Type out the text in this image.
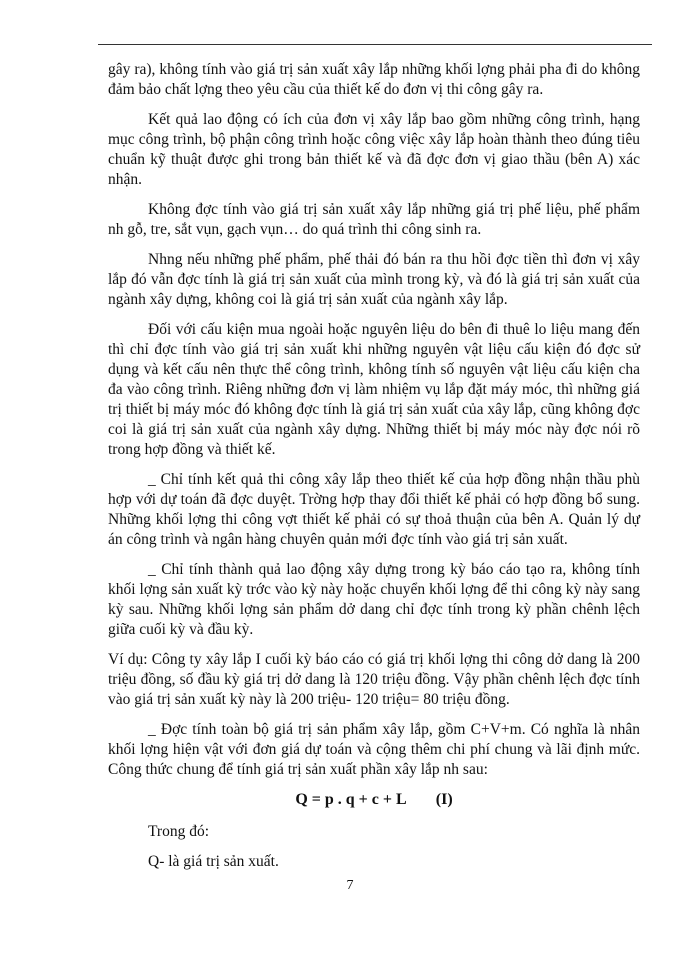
gây ra), không tính vào giá trị sản xuất xây lắp những khối lợng phải pha đi do không đảm bảo chất lợng theo yêu cầu của thiết kế do đơn vị thi công gây ra.

Kết quả lao động có ích của đơn vị xây lắp bao gồm những công trình, hạng mục công trình, bộ phận công trình hoặc công việc xây lắp hoàn thành theo đúng tiêu chuẩn kỹ thuật được ghi trong bản thiết kế và đã đợc đơn vị giao thầu (bên A) xác nhận.

Không đợc tính vào giá trị sản xuất xây lắp những giá trị phế liệu, phế phẩm nh gỗ, tre, sắt vụn, gạch vụn… do quá trình thi công sinh ra.

Nhng nếu những phế phẩm, phế thải đó bán ra thu hồi đợc tiền thì đơn vị xây lắp đó vẫn đợc tính là giá trị sản xuất của mình trong kỳ, và đó là giá trị sản xuất của ngành xây dựng, không coi là giá trị sản xuất của ngành xây lắp.

Đối với cấu kiện mua ngoài hoặc nguyên liệu do bên đi thuê lo liệu mang đến thì chỉ đợc tính vào giá trị sản xuất khi những nguyên vật liệu cấu kiện đó đợc sử dụng và kết cấu nên thực thể công trình, không tính số nguyên vật liệu cấu kiện cha đa vào công trình. Riêng những đơn vị làm nhiệm vụ lắp đặt máy móc, thì những giá trị thiết bị máy móc đó không đợc tính là giá trị sản xuất của xây lắp, cũng không đợc coi là giá trị sản xuất của ngành xây dựng. Những thiết bị máy móc này đợc nói rõ trong hợp đồng và thiết kế.

_ Chỉ tính kết quả thi công xây lắp theo thiết kế của hợp đồng nhận thầu phù hợp với dự toán đã đợc duyệt. Trờng hợp thay đổi thiết kế phải có hợp đồng bổ sung. Những khối lợng thi công vợt thiết kế phải có sự thoả thuận của bên A. Quản lý dự án công trình và ngân hàng chuyên quản mới đợc tính vào giá trị sản xuất.

_ Chỉ tính thành quả lao động xây dựng trong kỳ báo cáo tạo ra, không tính khối lợng sản xuất kỳ trớc vào kỳ này hoặc chuyển khối lợng để thi công kỳ này sang kỳ sau. Những khối lợng sản phẩm dở dang chỉ đợc tính trong kỳ phần chênh lệch giữa cuối kỳ và đầu kỳ.

Ví dụ: Công ty xây lắp I cuối kỳ báo cáo có giá trị khối lợng thi công dở dang là 200 triệu đồng, số đầu kỳ giá trị dở dang là 120 triệu đồng. Vậy phần chênh lệch đợc tính vào giá trị sản xuất kỳ này là 200 triệu- 120 triệu= 80 triệu đồng.

_ Đợc tính toàn bộ giá trị sản phẩm xây lắp, gồm C+V+m. Có nghĩa là nhân khối lợng hiện vật với đơn giá dự toán và cộng thêm chi phí chung và lãi định mức. Công thức chung để tính giá trị sản xuất phần xây lắp nh sau:

Q = p . q + c + L (I)

Trong đó:

Q- là giá trị sản xuất.

7
